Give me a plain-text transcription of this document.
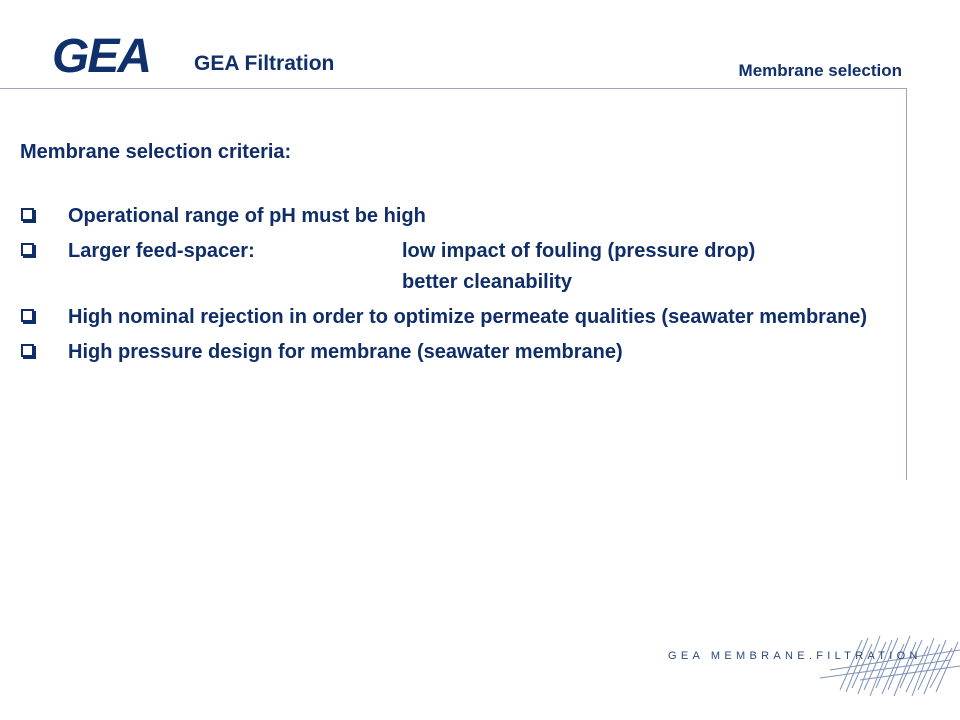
GEA GEA Filtration	Membrane selection
Membrane selection criteria:
Operational range of pH must be high
Larger feed-spacer:	low impact of fouling (pressure drop)
better cleanability
High nominal rejection in order to optimize permeate qualities (seawater membrane)
High pressure design for membrane (seawater membrane)
GEA MEMBRANE.FILTRATION
